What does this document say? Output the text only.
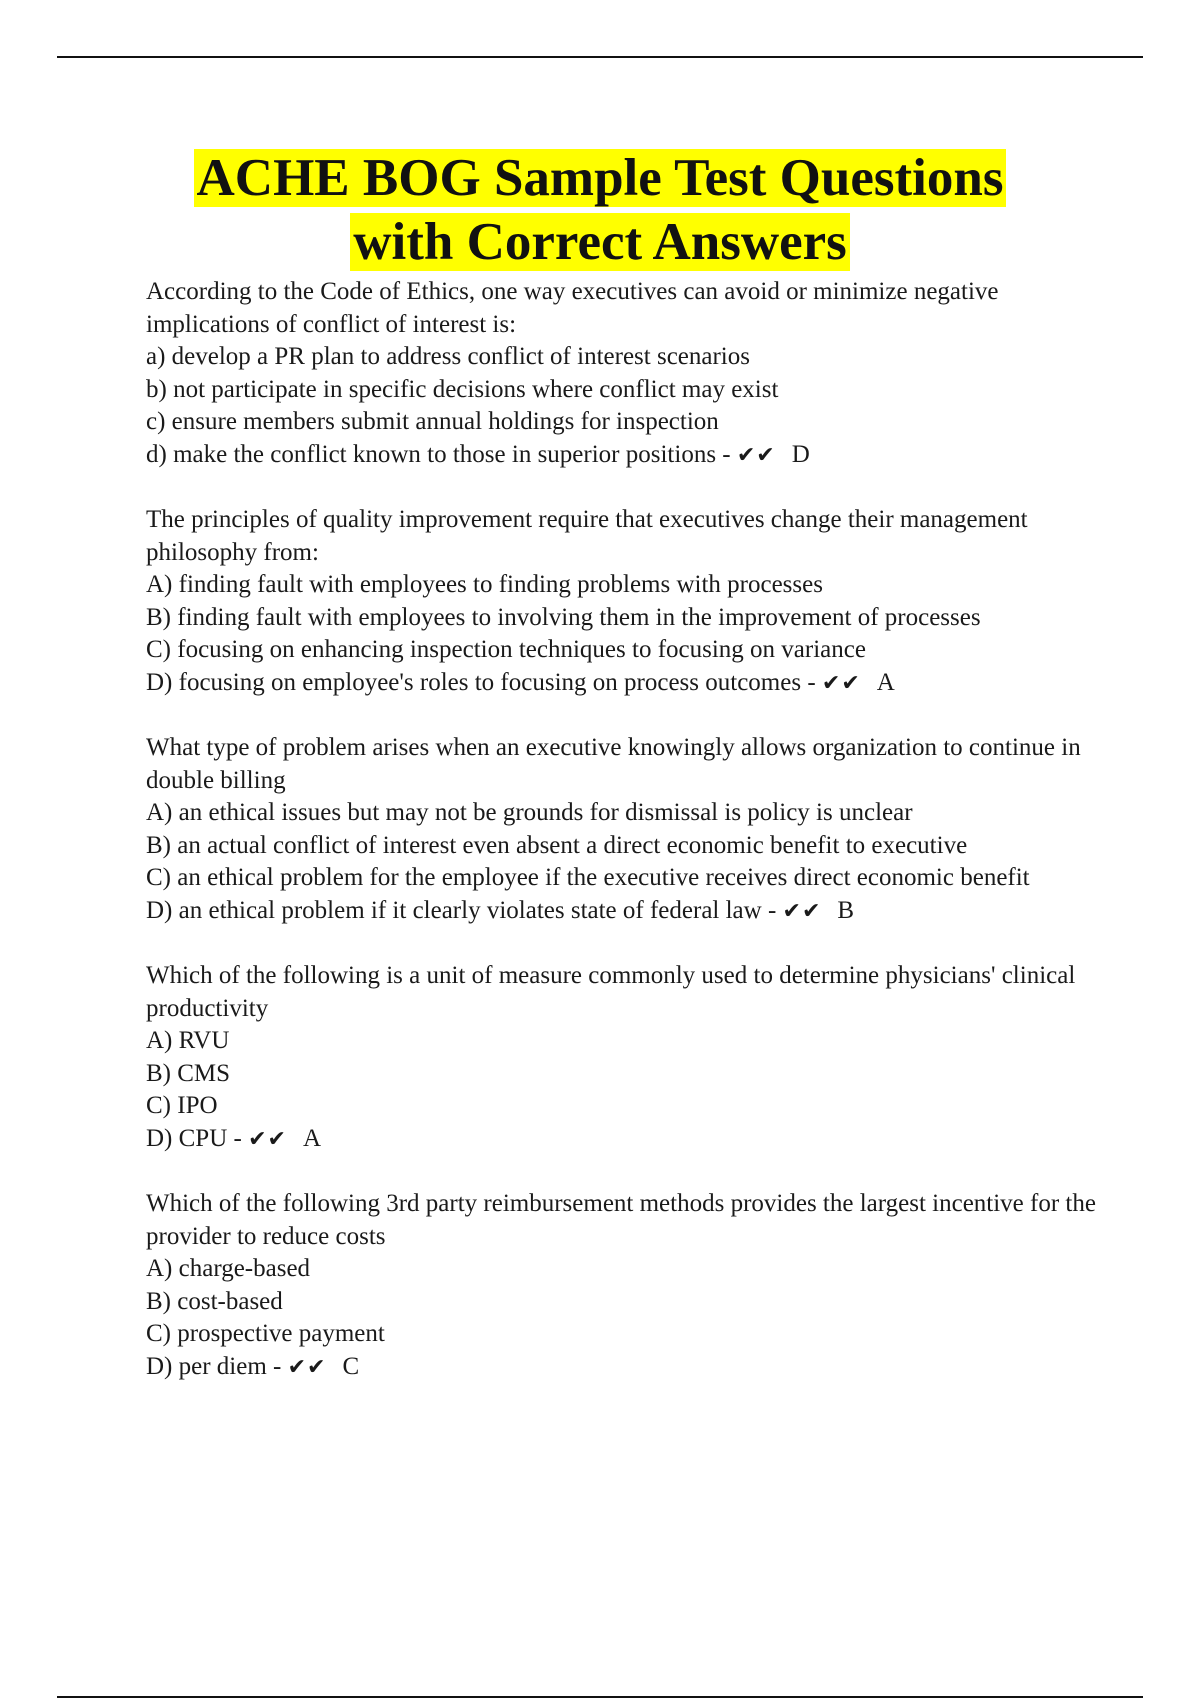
ACHE BOG Sample Test Questions
with Correct Answers
According to the Code of Ethics, one way executives can avoid or minimize negative implications of conflict of interest is:
a) develop a PR plan to address conflict of interest scenarios
b) not participate in specific decisions where conflict may exist
c) ensure members submit annual holdings for inspection
d) make the conflict known to those in superior positions - ✔✔ D
The principles of quality improvement require that executives change their management philosophy from:
A) finding fault with employees to finding problems with processes
B) finding fault with employees to involving them in the improvement of processes
C) focusing on enhancing inspection techniques to focusing on variance
D) focusing on employee's roles to focusing on process outcomes - ✔✔ A
What type of problem arises when an executive knowingly allows organization to continue in double billing
A) an ethical issues but may not be grounds for dismissal is policy is unclear
B) an actual conflict of interest even absent a direct economic benefit to executive
C) an ethical problem for the employee if the executive receives direct economic benefit
D) an ethical problem if it clearly violates state of federal law - ✔✔ B
Which of the following is a unit of measure commonly used to determine physicians' clinical productivity
A) RVU
B) CMS
C) IPO
D) CPU - ✔✔ A
Which of the following 3rd party reimbursement methods provides the largest incentive for the provider to reduce costs
A) charge-based
B) cost-based
C) prospective payment
D) per diem - ✔✔ C
